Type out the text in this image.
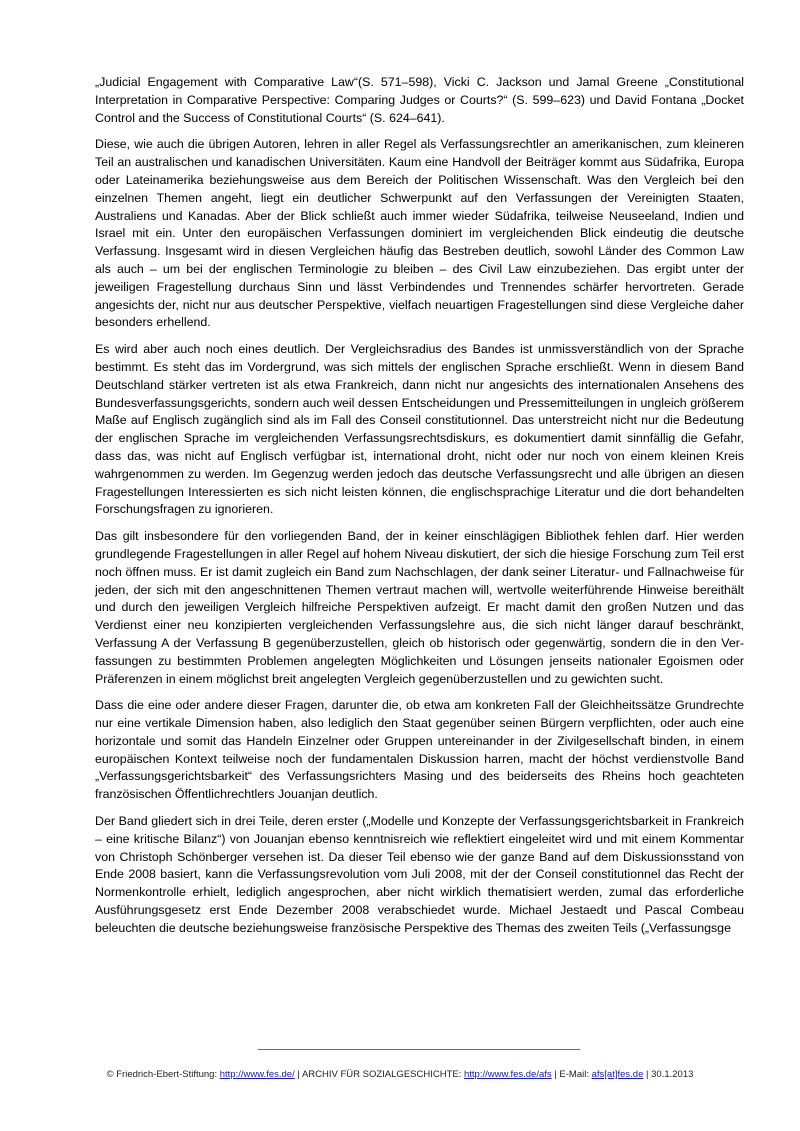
„Judicial Engagement with Comparative Law“(S. 571–598), Vicki C. Jackson und Jamal Greene „Constitutional Interpretation in Comparative Perspective: Comparing Judges or Courts?“ (S. 599–623) und David Fontana „Docket Control and the Success of Constitutional Courts“ (S. 624–641).

Diese, wie auch die übrigen Autoren, lehren in aller Regel als Verfassungsrechtler an amerikanischen, zum kleineren Teil an australischen und kanadischen Universitäten. Kaum eine Handvoll der Beiträger kommt aus Südafrika, Europa oder Lateinamerika beziehungsweise aus dem Bereich der Politischen Wissenschaft. Was den Vergleich bei den einzelnen Themen angeht, liegt ein deutlicher Schwerpunkt auf den Verfassungen der Vereinigten Staaten, Australiens und Kanadas. Aber der Blick schließt auch immer wieder Südafrika, teilweise Neuseeland, Indien und Israel mit ein. Unter den europäischen Verfassungen dominiert im vergleichenden Blick eindeutig die deutsche Verfassung. Insgesamt wird in diesen Vergleichen häufig das Bestreben deutlich, sowohl Länder des Common Law als auch – um bei der englischen Terminologie zu bleiben – des Civil Law einzubeziehen. Das ergibt unter der jeweiligen Fragestellung durchaus Sinn und lässt Verbindendes und Trennendes schärfer hervortreten. Gerade angesichts der, nicht nur aus deutscher Perspektive, vielfach neuartigen Fragestellungen sind diese Vergleiche daher besonders erhellend.

Es wird aber auch noch eines deutlich. Der Vergleichsradius des Bandes ist unmissverständlich von der Sprache bestimmt. Es steht das im Vordergrund, was sich mittels der englischen Sprache erschließt. Wenn in diesem Band Deutschland stärker vertreten ist als etwa Frankreich, dann nicht nur angesichts des internationalen Ansehens des Bundesverfassungsgerichts, sondern auch weil dessen Entscheidungen und Pressemitteilungen in ungleich größerem Maße auf Englisch zugänglich sind als im Fall des Conseil constitutionnel. Das unterstreicht nicht nur die Bedeutung der englischen Sprache im vergleichenden Verfassungsrechtsdiskurs, es dokumentiert damit sinnfällig die Gefahr, dass das, was nicht auf Englisch verfügbar ist, international droht, nicht oder nur noch von einem kleinen Kreis wahrgenommen zu werden. Im Gegenzug werden jedoch das deutsche Verfassungsrecht und alle übrigen an diesen Fragestellungen Interessierten es sich nicht leisten können, die englischsprachige Literatur und die dort behandelten Forschungsfragen zu ignorieren.

Das gilt insbesondere für den vorliegenden Band, der in keiner einschlägigen Bibliothek fehlen darf. Hier werden grundlegende Fragestellungen in aller Regel auf hohem Niveau diskutiert, der sich die hiesige Forschung zum Teil erst noch öffnen muss. Er ist damit zugleich ein Band zum Nachschlagen, der dank seiner Literatur- und Fallnachweise für jeden, der sich mit den angeschnittenen Themen vertraut machen will, wertvolle weiterführende Hinweise bereithält und durch den jeweiligen Vergleich hilfreiche Perspektiven aufzeigt. Er macht damit den großen Nutzen und das Verdienst einer neu konzipierten vergleichenden Verfassungslehre aus, die sich nicht länger darauf beschränkt, Verfassung A der Verfassung B gegenüberzustellen, gleich ob historisch oder gegenwärtig, sondern die in den Verfassungen zu bestimmten Problemen angelegten Möglichkeiten und Lösungen jenseits nationaler Egoismen oder Präferenzen in einem möglichst breit angelegten Vergleich gegenüberzustellen und zu gewichten sucht.

Dass die eine oder andere dieser Fragen, darunter die, ob etwa am konkreten Fall der Gleichheitssätze Grundrechte nur eine vertikale Dimension haben, also lediglich den Staat gegenüber seinen Bürgern verpflichten, oder auch eine horizontale und somit das Handeln Einzelner oder Gruppen untereinander in der Zivilgesellschaft binden, in einem europäischen Kontext teilweise noch der fundamentalen Diskussion harren, macht der höchst verdienstvolle Band „Verfassungsgerichtsbarkeit“ des Verfassungsrichters Masing und des beiderseits des Rheins hoch geachteten französischen Öffentlichrechtlers Jouanjan deutlich.

Der Band gliedert sich in drei Teile, deren erster („Modelle und Konzepte der Verfassungsgerichtsbarkeit in Frankreich – eine kritische Bilanz“) von Jouanjan ebenso kenntnisreich wie reflektiert eingeleitet wird und mit einem Kommentar von Christoph Schönberger versehen ist. Da dieser Teil ebenso wie der ganze Band auf dem Diskussionsstand von Ende 2008 basiert, kann die Verfassungsrevolution vom Juli 2008, mit der der Conseil constitutionnel das Recht der Normenkontrolle erhielt, lediglich angesprochen, aber nicht wirklich thematisiert werden, zumal das erforderliche Ausführungsgesetz erst Ende Dezember 2008 verabschiedet wurde. Michael Jestaedt und Pascal Combeau beleuchten die deutsche beziehungsweise französische Perspektive des Themas des zweiten Teils („Verfassungsge

© Friedrich-Ebert-Stiftung: http://www.fes.de/ | ARCHIV FÜR SOZIALGESCHICHTE: http://www.fes.de/afs | E-Mail: afs[at]fes.de | 30.1.2013
